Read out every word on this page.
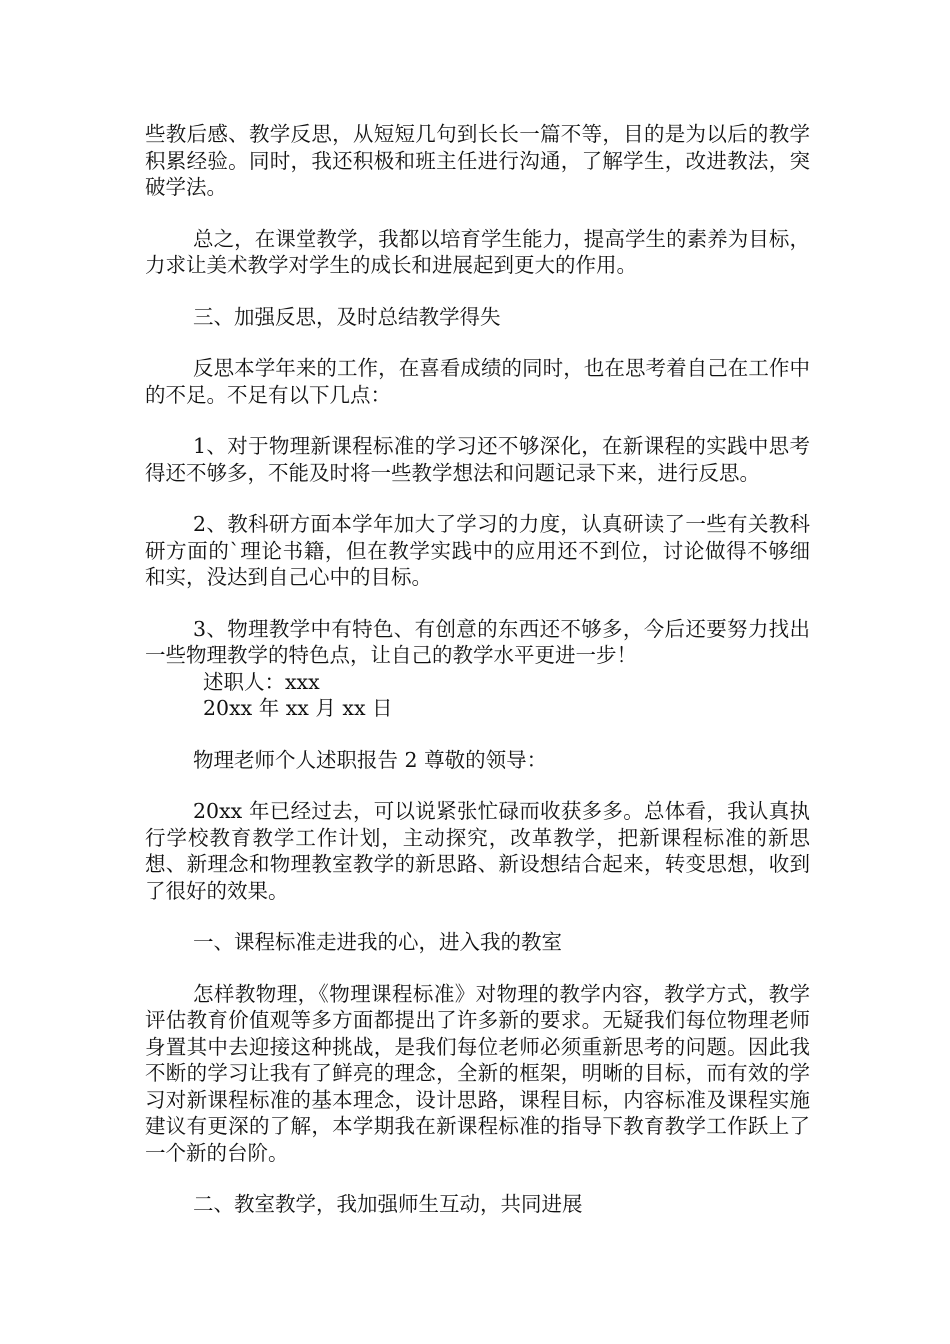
些教后感、教学反思，从短短几句到长长一篇不等，目的是为以后的教学积累经验。同时，我还积极和班主任进行沟通，了解学生，改进教法，突破学法。

总之，在课堂教学，我都以培育学生能力，提高学生的素养为目标，力求让美术教学对学生的成长和进展起到更大的作用。

三、加强反思，及时总结教学得失

反思本学年来的工作，在喜看成绩的同时，也在思考着自己在工作中的不足。不足有以下几点：

1、对于物理新课程标准的学习还不够深化，在新课程的实践中思考得还不够多，不能及时将一些教学想法和问题记录下来，进行反思。

2、教科研方面本学年加大了学习的力度，认真研读了一些有关教科研方面的`理论书籍，但在教学实践中的应用还不到位，讨论做得不够细和实，没达到自己心中的目标。

3、物理教学中有特色、有创意的东西还不够多，今后还要努力找出一些物理教学的特色点，让自己的教学水平更进一步！

述职人：xxx

20xx 年 xx 月 xx 日

物理老师个人述职报告 2 尊敬的领导：

20xx 年已经过去，可以说紧张忙碌而收获多多。总体看，我认真执行学校教育教学工作计划，主动探究，改革教学，把新课程标准的新思想、新理念和物理教室教学的新思路、新设想结合起来，转变思想，收到了很好的效果。

一、课程标准走进我的心，进入我的教室

怎样教物理，《物理课程标准》对物理的教学内容，教学方式，教学评估教育价值观等多方面都提出了许多新的要求。无疑我们每位物理老师身置其中去迎接这种挑战，是我们每位老师必须重新思考的问题。因此我不断的学习让我有了鲜亮的理念，全新的框架，明晰的目标，而有效的学习对新课程标准的基本理念，设计思路，课程目标，内容标准及课程实施建议有更深的了解，本学期我在新课程标准的指导下教育教学工作跃上了一个新的台阶。

二、教室教学，我加强师生互动，共同进展
